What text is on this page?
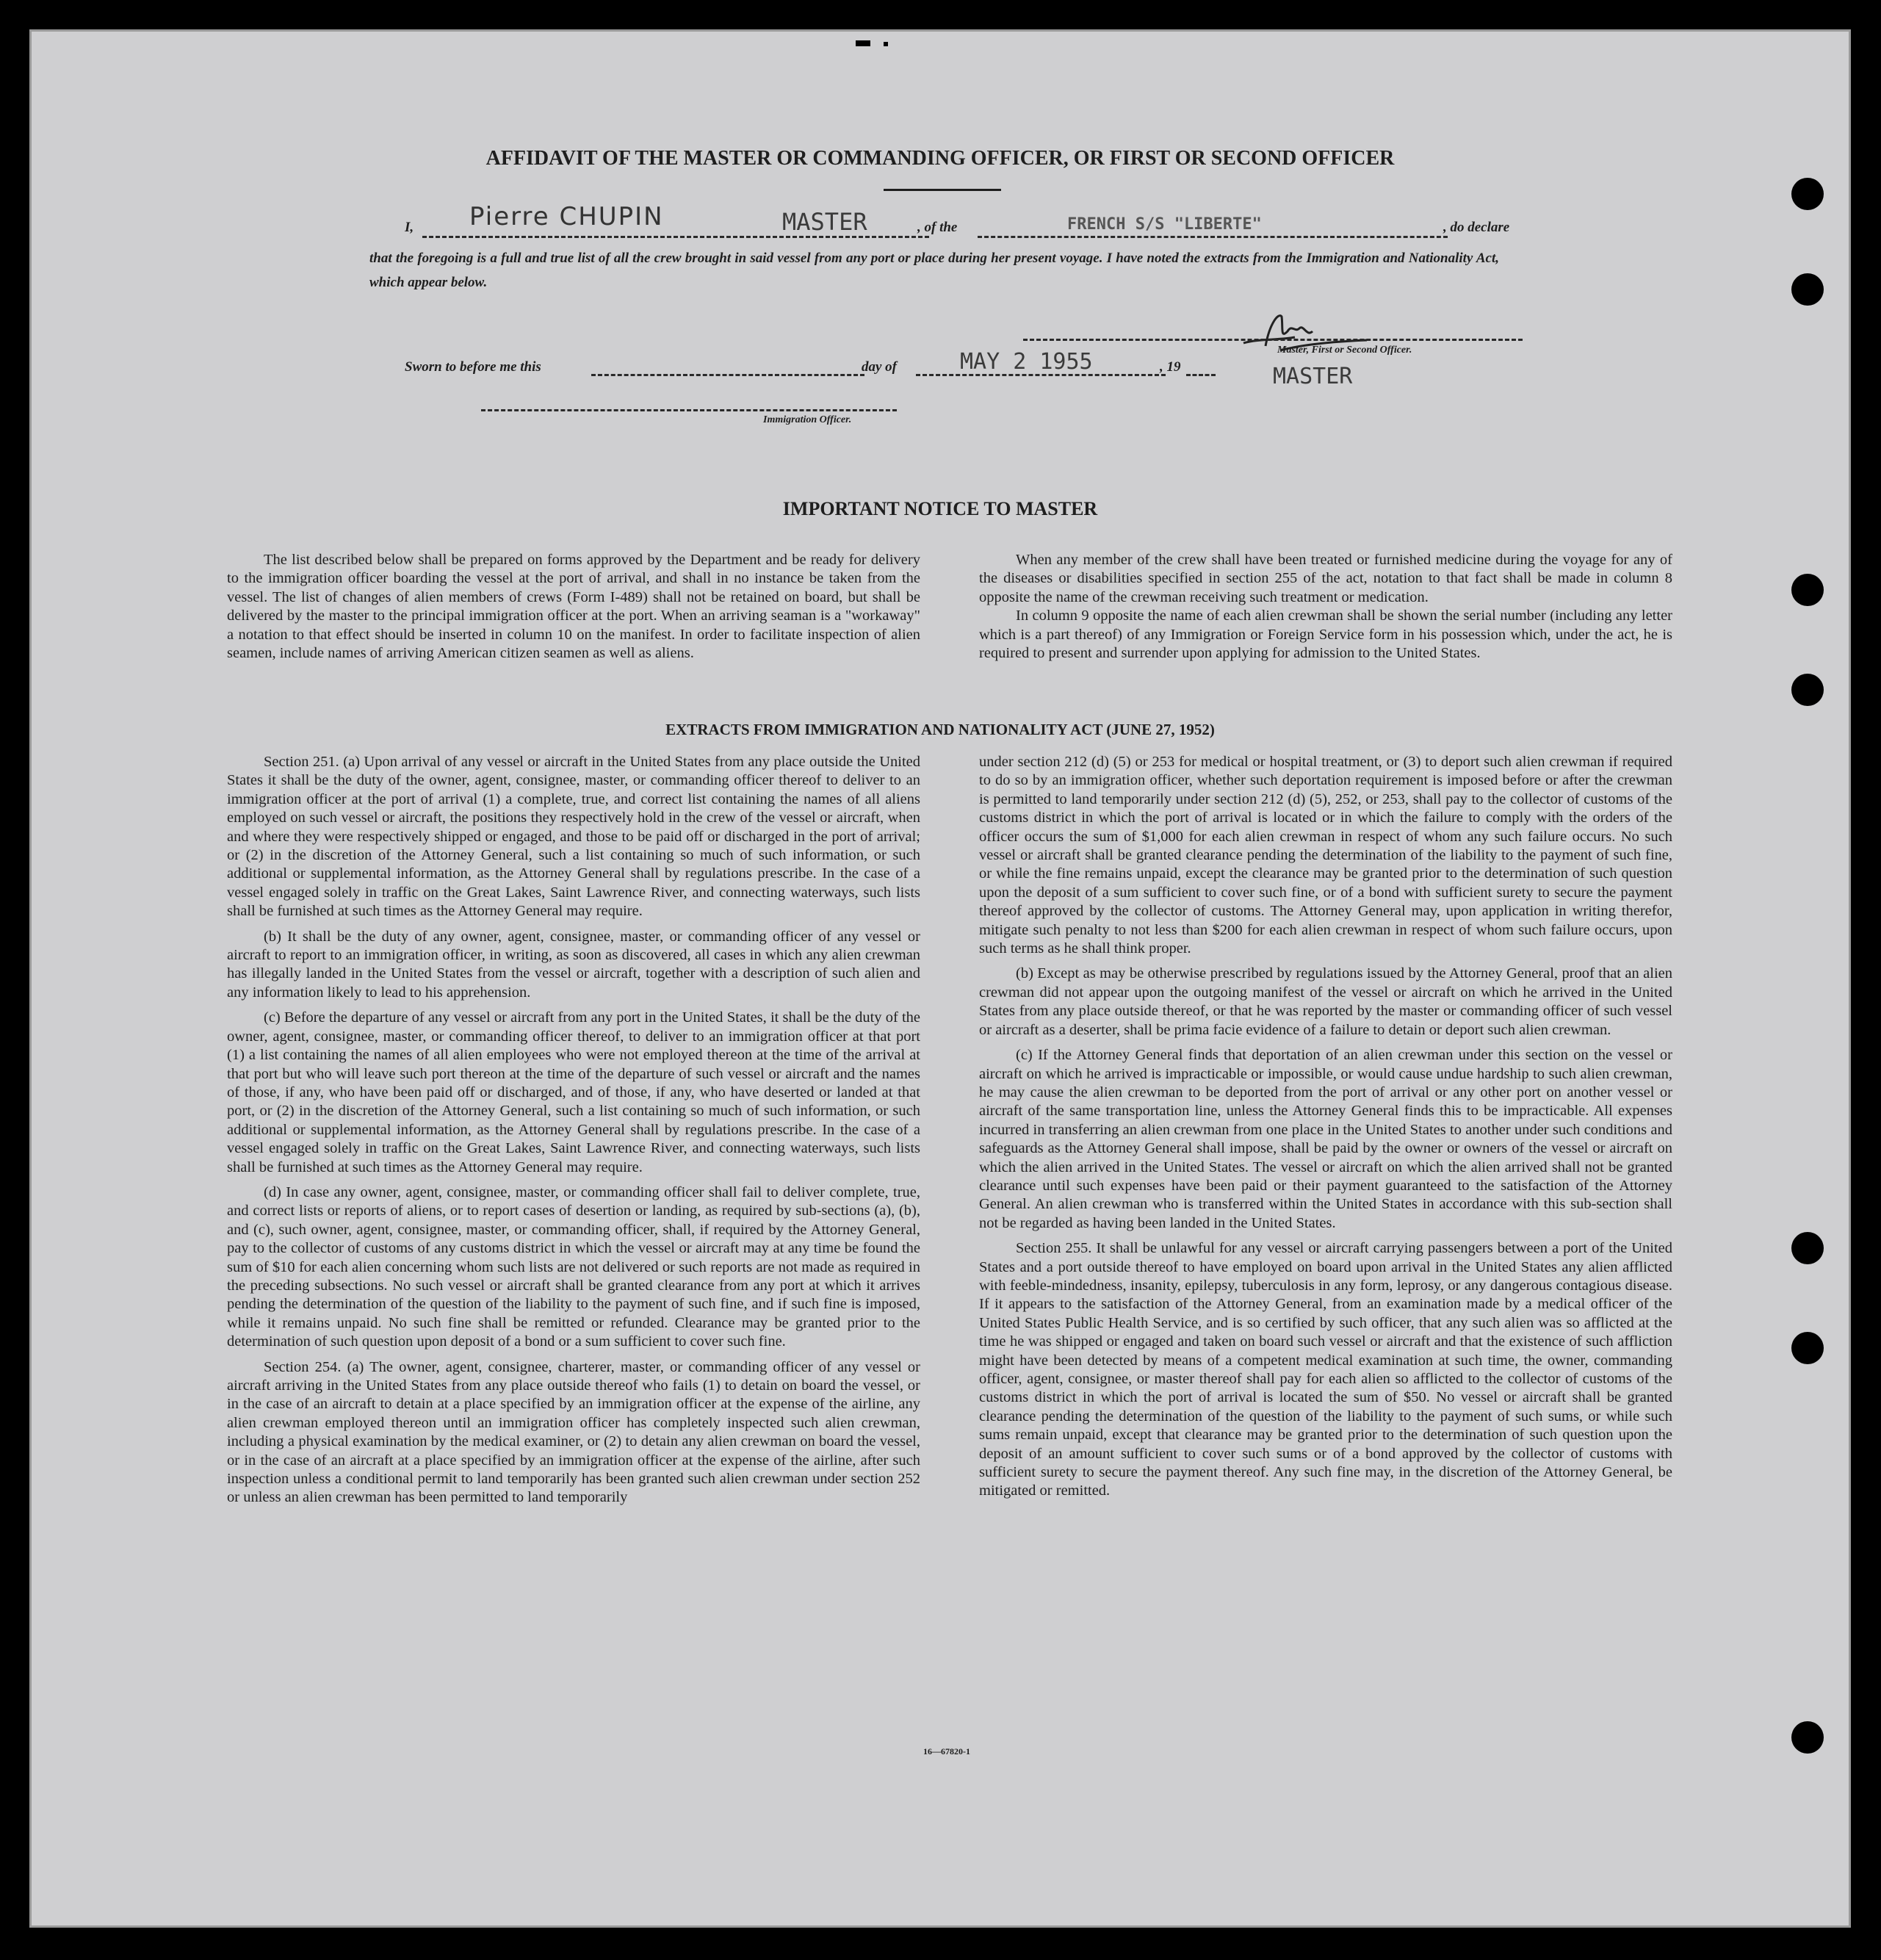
AFFIDAVIT OF THE MASTER OR COMMANDING OFFICER, OR FIRST OR SECOND OFFICER
I, Pierre CHUPIN	MASTER	, of the	FRENCH S/S "LIBERTE"	, do declare
that the foregoing is a full and true list of all the crew brought in said vessel from any port or place during her present voyage. I have noted the extracts from the Immigration and Nationality Act, which appear below.
Master, First or Second Officer.
Sworn to before me this	day of	MAY 2 1955	, 19	MASTER
Immigration Officer.
IMPORTANT NOTICE TO MASTER

The list described below shall be prepared on forms approved by the Department and be ready for delivery to the immigration officer boarding the vessel at the port of arrival, and shall in no instance be taken from the vessel. The list of changes of alien members of crews (Form I-489) shall not be retained on board, but shall be delivered by the master to the principal immigration officer at the port. When an arriving seaman is a "workaway" a notation to that effect should be inserted in column 10 on the manifest. In order to facilitate inspection of alien seamen, include names of arriving American citizen seamen as well as aliens.

When any member of the crew shall have been treated or furnished medicine during the voyage for any of the diseases or disabilities specified in section 255 of the act, notation to that fact shall be made in column 8 opposite the name of the crewman receiving such treatment or medication.

In column 9 opposite the name of each alien crewman shall be shown the serial number (including any letter which is a part thereof) of any Immigration or Foreign Service form in his possession which, under the act, he is required to present and surrender upon applying for admission to the United States.

EXTRACTS FROM IMMIGRATION AND NATIONALITY ACT (JUNE 27, 1952)

Section 251. (a) Upon arrival of any vessel or aircraft in the United States from any place outside the United States it shall be the duty of the owner, agent, consignee, master, or commanding officer thereof to deliver to an immigration officer at the port of arrival (1) a complete, true, and correct list containing the names of all aliens employed on such vessel or aircraft, the positions they respectively hold in the crew of the vessel or aircraft, when and where they were respectively shipped or engaged, and those to be paid off or discharged in the port of arrival; or (2) in the discretion of the Attorney General, such a list containing so much of such information, or such additional or supplemental information, as the Attorney General shall by regulations prescribe. In the case of a vessel engaged solely in traffic on the Great Lakes, Saint Lawrence River, and connecting waterways, such lists shall be furnished at such times as the Attorney General may require.

(b) It shall be the duty of any owner, agent, consignee, master, or commanding officer of any vessel or aircraft to report to an immigration officer, in writing, as soon as discovered, all cases in which any alien crewman has illegally landed in the United States from the vessel or aircraft, together with a description of such alien and any information likely to lead to his apprehension.

(c) Before the departure of any vessel or aircraft from any port in the United States, it shall be the duty of the owner, agent, consignee, master, or commanding officer thereof, to deliver to an immigration officer at that port (1) a list containing the names of all alien employees who were not employed thereon at the time of the arrival at that port but who will leave such port thereon at the time of the departure of such vessel or aircraft and the names of those, if any, who have been paid off or discharged, and of those, if any, who have deserted or landed at that port, or (2) in the discretion of the Attorney General, such a list containing so much of such information, or such additional or supplemental information, as the Attorney General shall by regulations prescribe. In the case of a vessel engaged solely in traffic on the Great Lakes, Saint Lawrence River, and connecting waterways, such lists shall be furnished at such times as the Attorney General may require.

(d) In case any owner, agent, consignee, master, or commanding officer shall fail to deliver complete, true, and correct lists or reports of aliens, or to report cases of desertion or landing, as required by sub-sections (a), (b), and (c), such owner, agent, consignee, master, or commanding officer, shall, if required by the Attorney General, pay to the collector of customs of any customs district in which the vessel or aircraft may at any time be found the sum of $10 for each alien concerning whom such lists are not delivered or such reports are not made as required in the preceding subsections. No such vessel or aircraft shall be granted clearance from any port at which it arrives pending the determination of the question of the liability to the payment of such fine, and if such fine is imposed, while it remains unpaid. No such fine shall be remitted or refunded. Clearance may be granted prior to the determination of such question upon deposit of a bond or a sum sufficient to cover such fine.

Section 254. (a) The owner, agent, consignee, charterer, master, or commanding officer of any vessel or aircraft arriving in the United States from any place outside thereof who fails (1) to detain on board the vessel, or in the case of an aircraft to detain at a place specified by an immigration officer at the expense of the airline, any alien crewman employed thereon until an immigration officer has completely inspected such alien crewman, including a physical examination by the medical examiner, or (2) to detain any alien crewman on board the vessel, or in the case of an aircraft at a place specified by an immigration officer at the expense of the airline, after such inspection unless a conditional permit to land temporarily has been granted such alien crewman under section 252 or unless an alien crewman has been permitted to land temporarily

under section 212 (d) (5) or 253 for medical or hospital treatment, or (3) to deport such alien crewman if required to do so by an immigration officer, whether such deportation requirement is imposed before or after the crewman is permitted to land temporarily under section 212 (d) (5), 252, or 253, shall pay to the collector of customs of the customs district in which the port of arrival is located or in which the failure to comply with the orders of the officer occurs the sum of $1,000 for each alien crewman in respect of whom any such failure occurs. No such vessel or aircraft shall be granted clearance pending the determination of the liability to the payment of such fine, or while the fine remains unpaid, except the clearance may be granted prior to the determination of such question upon the deposit of a sum sufficient to cover such fine, or of a bond with sufficient surety to secure the payment thereof approved by the collector of customs. The Attorney General may, upon application in writing therefor, mitigate such penalty to not less than $200 for each alien crewman in respect of whom such failure occurs, upon such terms as he shall think proper.

(b) Except as may be otherwise prescribed by regulations issued by the Attorney General, proof that an alien crewman did not appear upon the outgoing manifest of the vessel or aircraft on which he arrived in the United States from any place outside thereof, or that he was reported by the master or commanding officer of such vessel or aircraft as a deserter, shall be prima facie evidence of a failure to detain or deport such alien crewman.

(c) If the Attorney General finds that deportation of an alien crewman under this section on the vessel or aircraft on which he arrived is impracticable or impossible, or would cause undue hardship to such alien crewman, he may cause the alien crewman to be deported from the port of arrival or any other port on another vessel or aircraft of the same transportation line, unless the Attorney General finds this to be impracticable. All expenses incurred in transferring an alien crewman from one place in the United States to another under such conditions and safeguards as the Attorney General shall impose, shall be paid by the owner or owners of the vessel or aircraft on which the alien arrived in the United States. The vessel or aircraft on which the alien arrived shall not be granted clearance until such expenses have been paid or their payment guaranteed to the satisfaction of the Attorney General. An alien crewman who is transferred within the United States in accordance with this sub-section shall not be regarded as having been landed in the United States.

Section 255. It shall be unlawful for any vessel or aircraft carrying passengers between a port of the United States and a port outside thereof to have employed on board upon arrival in the United States any alien afflicted with feeble-mindedness, insanity, epilepsy, tuberculosis in any form, leprosy, or any dangerous contagious disease. If it appears to the satisfaction of the Attorney General, from an examination made by a medical officer of the United States Public Health Service, and is so certified by such officer, that any such alien was so afflicted at the time he was shipped or engaged and taken on board such vessel or aircraft and that the existence of such affliction might have been detected by means of a competent medical examination at such time, the owner, commanding officer, agent, consignee, or master thereof shall pay for each alien so afflicted to the collector of customs of the customs district in which the port of arrival is located the sum of $50. No vessel or aircraft shall be granted clearance pending the determination of the question of the liability to the payment of such sums, or while such sums remain unpaid, except that clearance may be granted prior to the determination of such question upon the deposit of an amount sufficient to cover such sums or of a bond approved by the collector of customs with sufficient surety to secure the payment thereof. Any such fine may, in the discretion of the Attorney General, be mitigated or remitted.

16—67820-1
